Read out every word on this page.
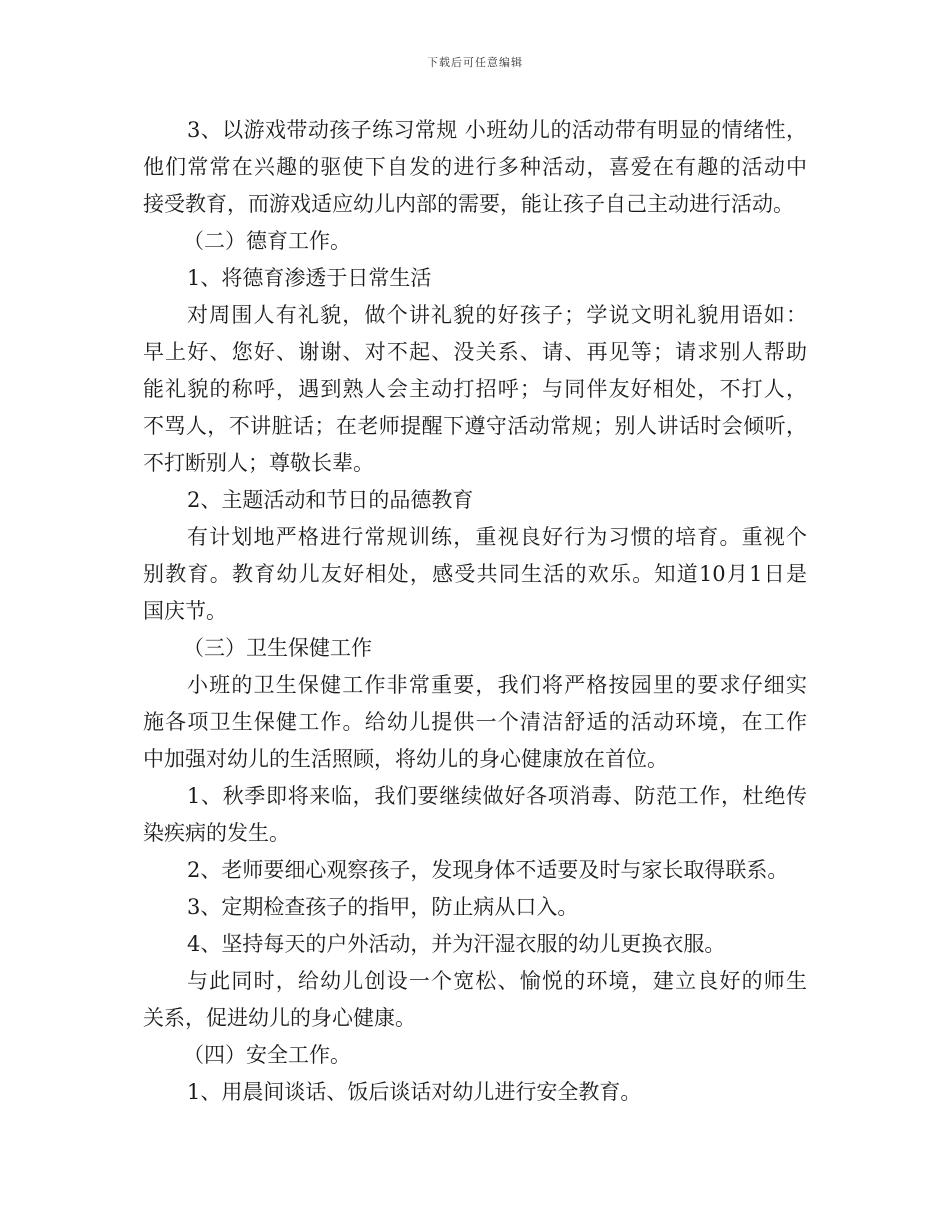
下载后可任意编辑
3、以游戏带动孩子练习常规 小班幼儿的活动带有明显的情绪性，
他们常常在兴趣的驱使下自发的进行多种活动，喜爱在有趣的活动中
接受教育，而游戏适应幼儿内部的需要，能让孩子自己主动进行活动。
（二）德育工作。
1、将德育渗透于日常生活
对周围人有礼貌，做个讲礼貌的好孩子；学说文明礼貌用语如：
早上好、您好、谢谢、对不起、没关系、请、再见等；请求别人帮助
能礼貌的称呼，遇到熟人会主动打招呼；与同伴友好相处，不打人，
不骂人，不讲脏话；在老师提醒下遵守活动常规；别人讲话时会倾听，
不打断别人；尊敬长辈。
2、主题活动和节日的品德教育
有计划地严格进行常规训练，重视良好行为习惯的培育。重视个
别教育。教育幼儿友好相处，感受共同生活的欢乐。知道10月1日是
国庆节。
（三）卫生保健工作
小班的卫生保健工作非常重要，我们将严格按园里的要求仔细实
施各项卫生保健工作。给幼儿提供一个清洁舒适的活动环境，在工作
中加强对幼儿的生活照顾，将幼儿的身心健康放在首位。
1、秋季即将来临，我们要继续做好各项消毒、防范工作，杜绝传
染疾病的发生。
2、老师要细心观察孩子，发现身体不适要及时与家长取得联系。
3、定期检查孩子的指甲，防止病从口入。
4、坚持每天的户外活动，并为汗湿衣服的幼儿更换衣服。
与此同时，给幼儿创设一个宽松、愉悦的环境，建立良好的师生
关系，促进幼儿的身心健康。
（四）安全工作。
1、用晨间谈话、饭后谈话对幼儿进行安全教育。
